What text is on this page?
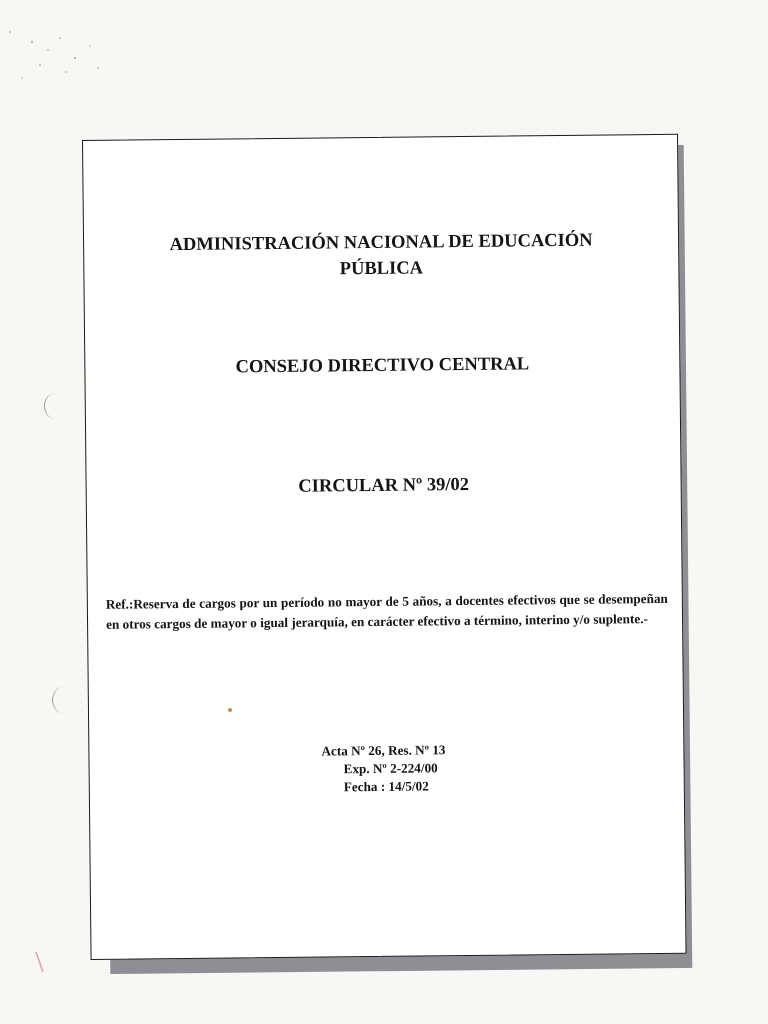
ADMINISTRACIÓN NACIONAL DE EDUCACIÓN
PÚBLICA
CONSEJO DIRECTIVO CENTRAL
CIRCULAR Nº 39/02
Ref.:Reserva de cargos por un período no mayor de 5 años, a docentes efectivos que se desempeñan en otros cargos de mayor o igual jerarquía, en carácter efectivo a término, interino y/o suplente.-
Acta Nº 26, Res. Nº 13
Exp. Nº 2-224/00
Fecha : 14/5/02
